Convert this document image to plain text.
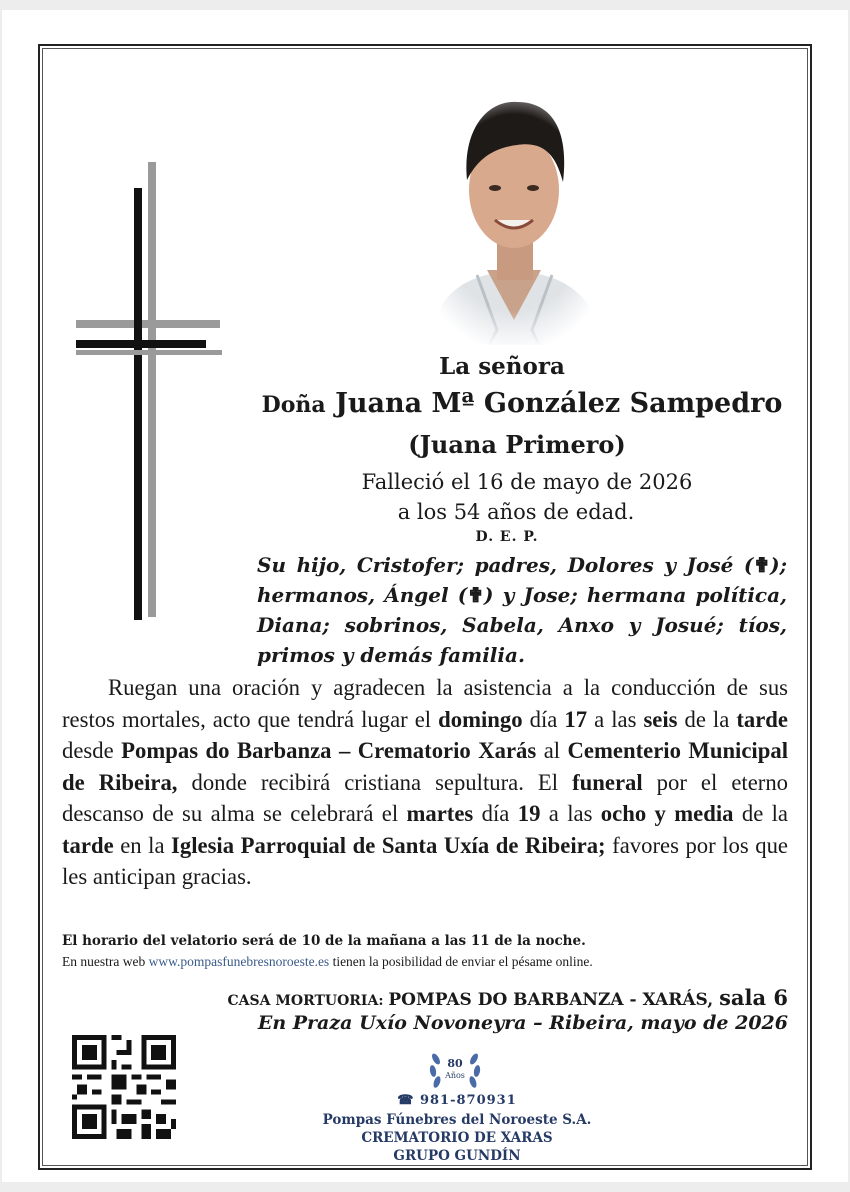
La señora
Doña Juana Mª González Sampedro
(Juana Primero)
Falleció el 16 de mayo de 2026
a los 54 años de edad.
D. E. P.
Su hijo, Cristofer; padres, Dolores y José (✟); hermanos, Ángel (✟) y Jose; hermana política, Diana; sobrinos, Sabela, Anxo y Josué; tíos, primos y demás familia.
Ruegan una oración y agradecen la asistencia a la conducción de sus restos mortales, acto que tendrá lugar el domingo día 17 a las seis de la tarde desde Pompas do Barbanza – Crematorio Xarás al Cementerio Municipal de Ribeira, donde recibirá cristiana sepultura. El funeral por el eterno descanso de su alma se celebrará el martes día 19 a las ocho y media de la tarde en la Iglesia Parroquial de Santa Uxía de Ribeira; favores por los que les anticipan gracias.
El horario del velatorio será de 10 de la mañana a las 11 de la noche.
En nuestra web www.pompasfunebresnoroeste.es tienen la posibilidad de enviar el pésame online.
CASA MORTUORIA: POMPAS DO BARBANZA - XARÁS, sala 6
En Praza Uxío Novoneyra – Ribeira, mayo de 2026
80
Años
☎ 981-870931
Pompas Fúnebres del Noroeste S.A.
CREMATORIO DE XARAS
GRUPO GUNDÍN
